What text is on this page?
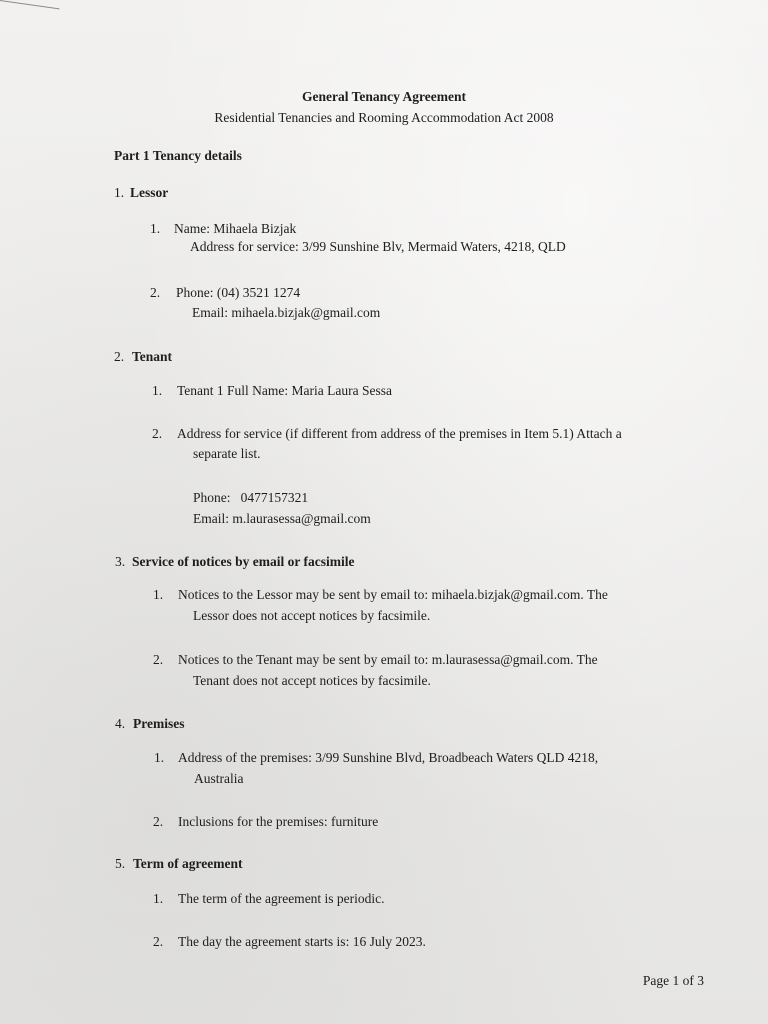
General Tenancy Agreement
Residential Tenancies and Rooming Accommodation Act 2008
Part 1 Tenancy details
1. Lessor
1. Name: Mihaela Bizjak
Address for service: 3/99 Sunshine Blv, Mermaid Waters, 4218, QLD
2. Phone: (04) 3521 1274
Email: mihaela.bizjak@gmail.com
2. Tenant
1. Tenant 1 Full Name: Maria Laura Sessa
2. Address for service (if different from address of the premises in Item 5.1) Attach a
separate list.
Phone:   0477157321
Email: m.laurasessa@gmail.com
3. Service of notices by email or facsimile
1. Notices to the Lessor may be sent by email to: mihaela.bizjak@gmail.com. The
Lessor does not accept notices by facsimile.
2. Notices to the Tenant may be sent by email to: m.laurasessa@gmail.com. The
Tenant does not accept notices by facsimile.
4. Premises
1. Address of the premises: 3/99 Sunshine Blvd, Broadbeach Waters QLD 4218,
Australia
2. Inclusions for the premises: furniture
5. Term of agreement
1. The term of the agreement is periodic.
2. The day the agreement starts is: 16 July 2023.
Page 1 of 3
